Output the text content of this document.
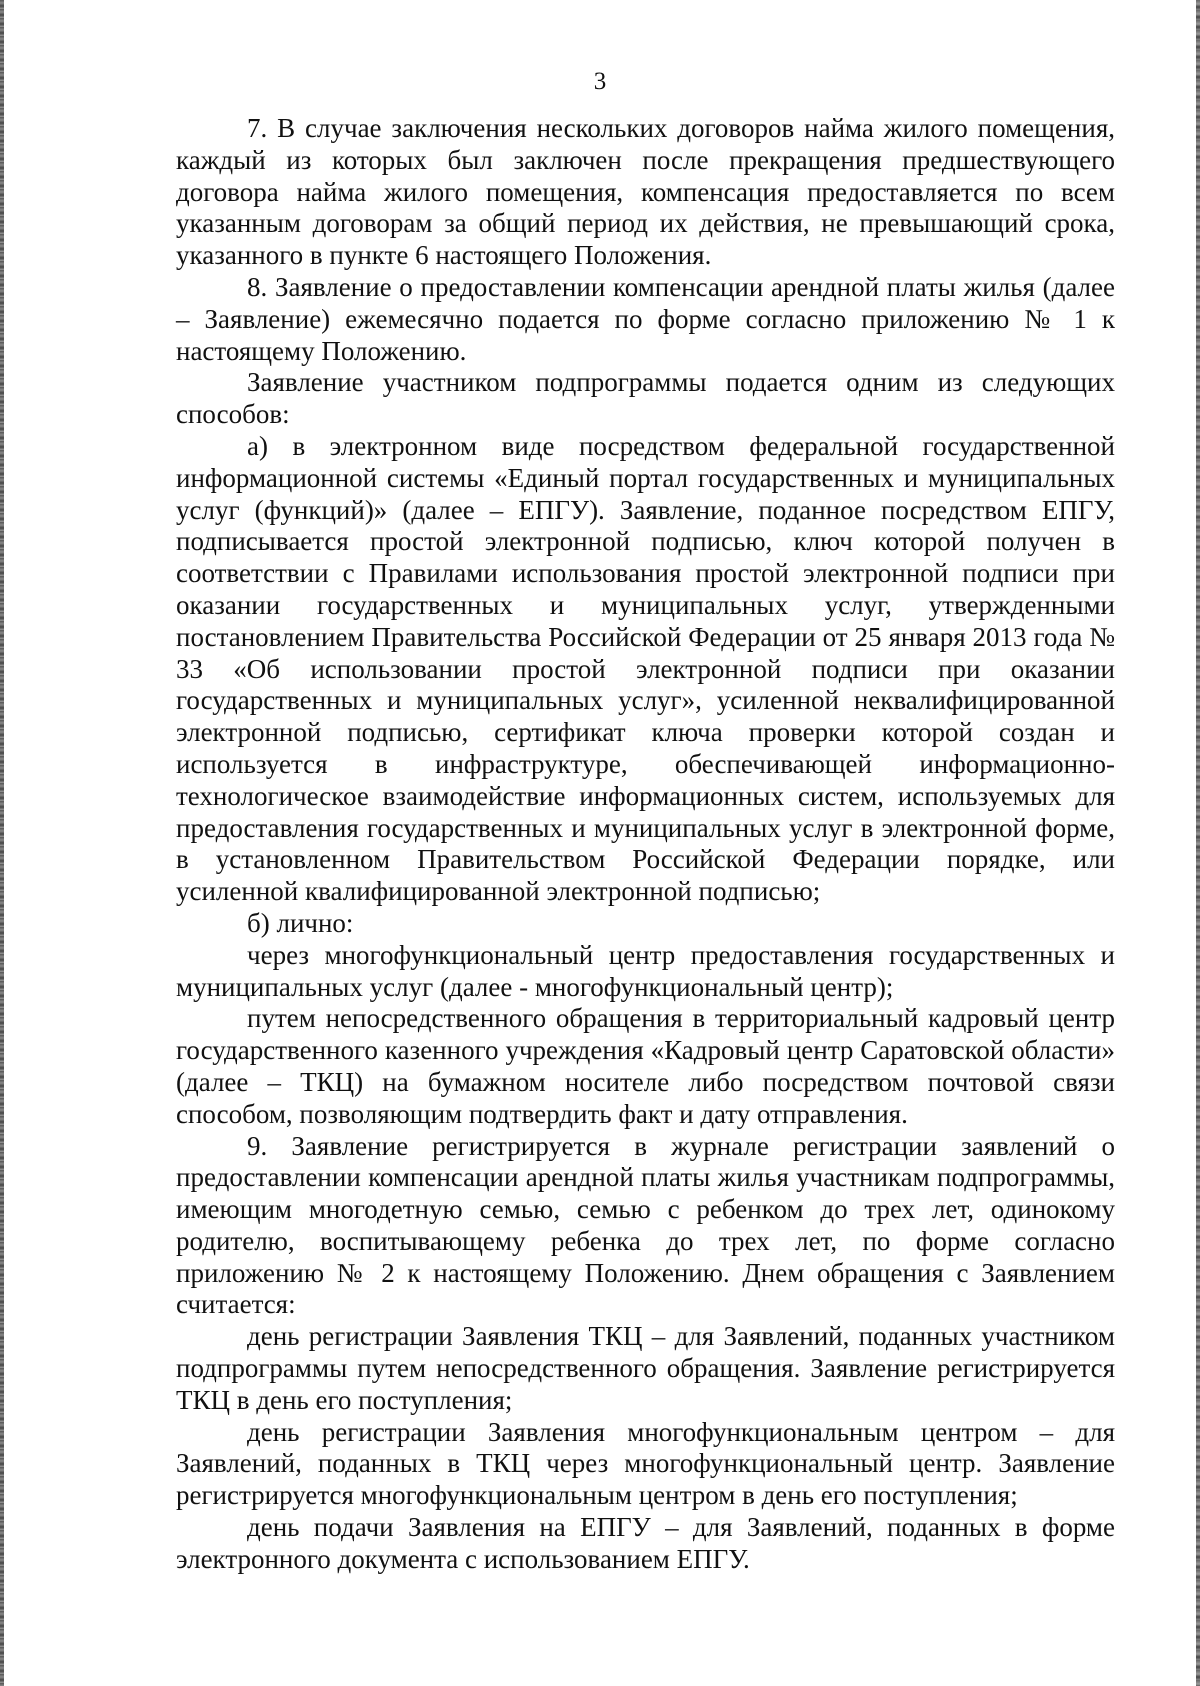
3

7. В случае заключения нескольких договоров найма жилого помещения, каждый из которых был заключен после прекращения предшествующего договора найма жилого помещения, компенсация предоставляется по всем указанным договорам за общий период их действия, не превышающий срока, указанного в пункте 6 настоящего Положения.

8. Заявление о предоставлении компенсации арендной платы жилья (далее – Заявление) ежемесячно подается по форме согласно приложению № 1 к настоящему Положению.

Заявление участником подпрограммы подается одним из следующих способов:

а) в электронном виде посредством федеральной государственной информационной системы «Единый портал государственных и муниципальных услуг (функций)» (далее – ЕПГУ). Заявление, поданное посредством ЕПГУ, подписывается простой электронной подписью, ключ которой получен в соответствии с Правилами использования простой электронной подписи при оказании государственных и муниципальных услуг, утвержденными постановлением Правительства Российской Федерации от 25 января 2013 года № 33 «Об использовании простой электронной подписи при оказании государственных и муниципальных услуг», усиленной неквалифицированной электронной подписью, сертификат ключа проверки которой создан и используется в инфраструктуре, обеспечивающей информационно-технологическое взаимодействие информационных систем, используемых для предоставления государственных и муниципальных услуг в электронной форме, в установленном Правительством Российской Федерации порядке, или усиленной квалифицированной электронной подписью;

б) лично:

через многофункциональный центр предоставления государственных и муниципальных услуг (далее - многофункциональный центр);

путем непосредственного обращения в территориальный кадровый центр государственного казенного учреждения «Кадровый центр Саратовской области» (далее – ТКЦ) на бумажном носителе либо посредством почтовой связи способом, позволяющим подтвердить факт и дату отправления.

9. Заявление регистрируется в журнале регистрации заявлений о предоставлении компенсации арендной платы жилья участникам подпрограммы, имеющим многодетную семью, семью с ребенком до трех лет, одинокому родителю, воспитывающему ребенка до трех лет, по форме согласно приложению № 2 к настоящему Положению. Днем обращения с Заявлением считается:

день регистрации Заявления ТКЦ – для Заявлений, поданных участником подпрограммы путем непосредственного обращения. Заявление регистрируется ТКЦ в день его поступления;

день регистрации Заявления многофункциональным центром – для Заявлений, поданных в ТКЦ через многофункциональный центр. Заявление регистрируется многофункциональным центром в день его поступления;

день подачи Заявления на ЕПГУ – для Заявлений, поданных в форме электронного документа с использованием ЕПГУ.
